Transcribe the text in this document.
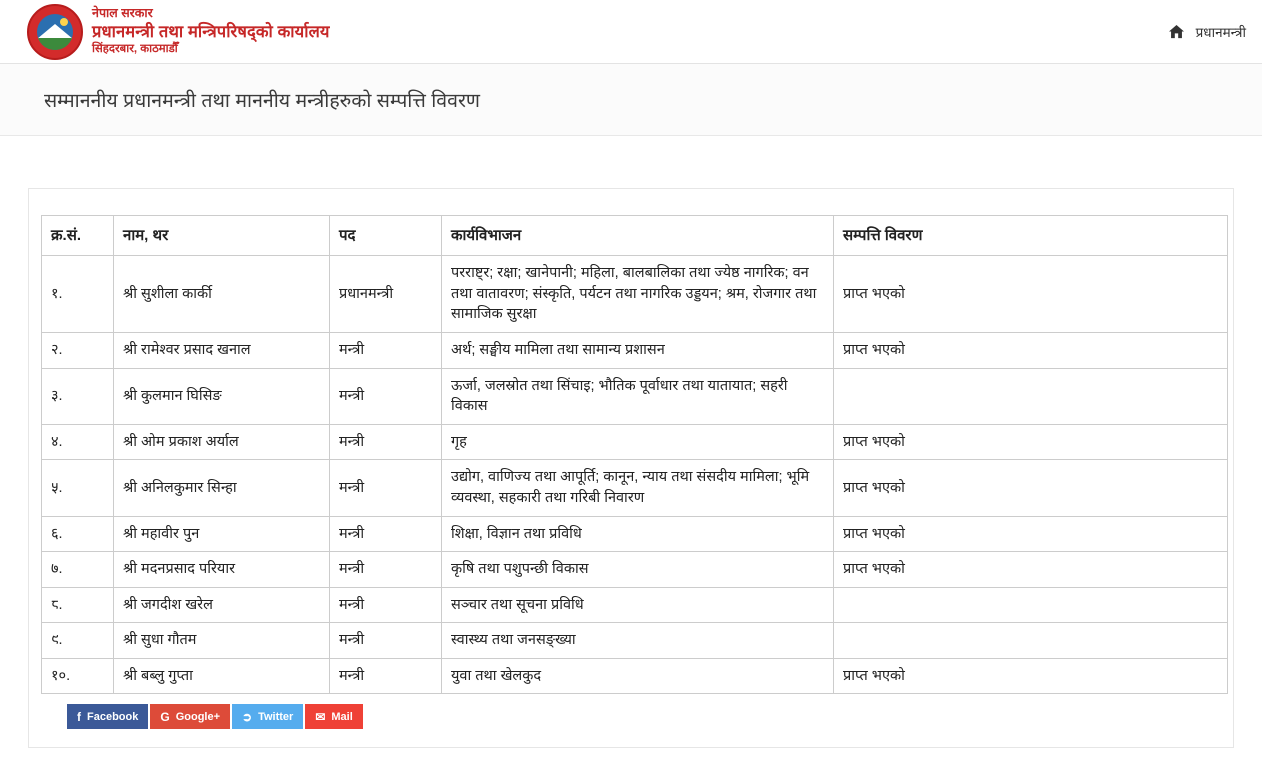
नेपाल सरकार
प्रधानमन्त्री तथा मन्त्रिपरिषद्को कार्यालय
सिंहदरबार, काठमाडौँ
प्रधानमन्त्री
सम्माननीय प्रधानमन्त्री तथा माननीय मन्त्रीहरुको सम्पत्ति विवरण
क्र.सं.	नाम, थर	पद	कार्यविभाजन	सम्पत्ति विवरण
१.	श्री सुशीला कार्की	प्रधानमन्त्री	परराष्ट्र; रक्षा; खानेपानी; महिला, बालबालिका तथा ज्येष्ठ नागरिक; वन तथा वातावरण; संस्कृति, पर्यटन तथा नागरिक उड्डयन; श्रम, रोजगार तथा सामाजिक सुरक्षा	प्राप्त भएको
२.	श्री रामेश्वर प्रसाद खनाल	मन्त्री	अर्थ; सङ्घीय मामिला तथा सामान्य प्रशासन	प्राप्त भएको
३.	श्री कुलमान घिसिङ	मन्त्री	ऊर्जा, जलस्रोत तथा सिंचाइ; भौतिक पूर्वाधार तथा यातायात; सहरी विकास	
४.	श्री ओम प्रकाश अर्याल	मन्त्री	गृह	प्राप्त भएको
५.	श्री अनिलकुमार सिन्हा	मन्त्री	उद्योग, वाणिज्य तथा आपूर्ति; कानून, न्याय तथा संसदीय मामिला; भूमि व्यवस्था, सहकारी तथा गरिबी निवारण	प्राप्त भएको
६.	श्री महावीर पुन	मन्त्री	शिक्षा, विज्ञान तथा प्रविधि	प्राप्त भएको
७.	श्री मदनप्रसाद परियार	मन्त्री	कृषि तथा पशुपन्छी विकास	प्राप्त भएको
८.	श्री जगदीश खरेल	मन्त्री	सञ्चार तथा सूचना प्रविधि	
९.	श्री सुधा गौतम	मन्त्री	स्वास्थ्य तथा जनसङ्ख्या	
१०.	श्री बब्लु गुप्ता	मन्त्री	युवा तथा खेलकुद	प्राप्त भएको
f Facebook G Google+ ➲ Twitter ✉ Mail
